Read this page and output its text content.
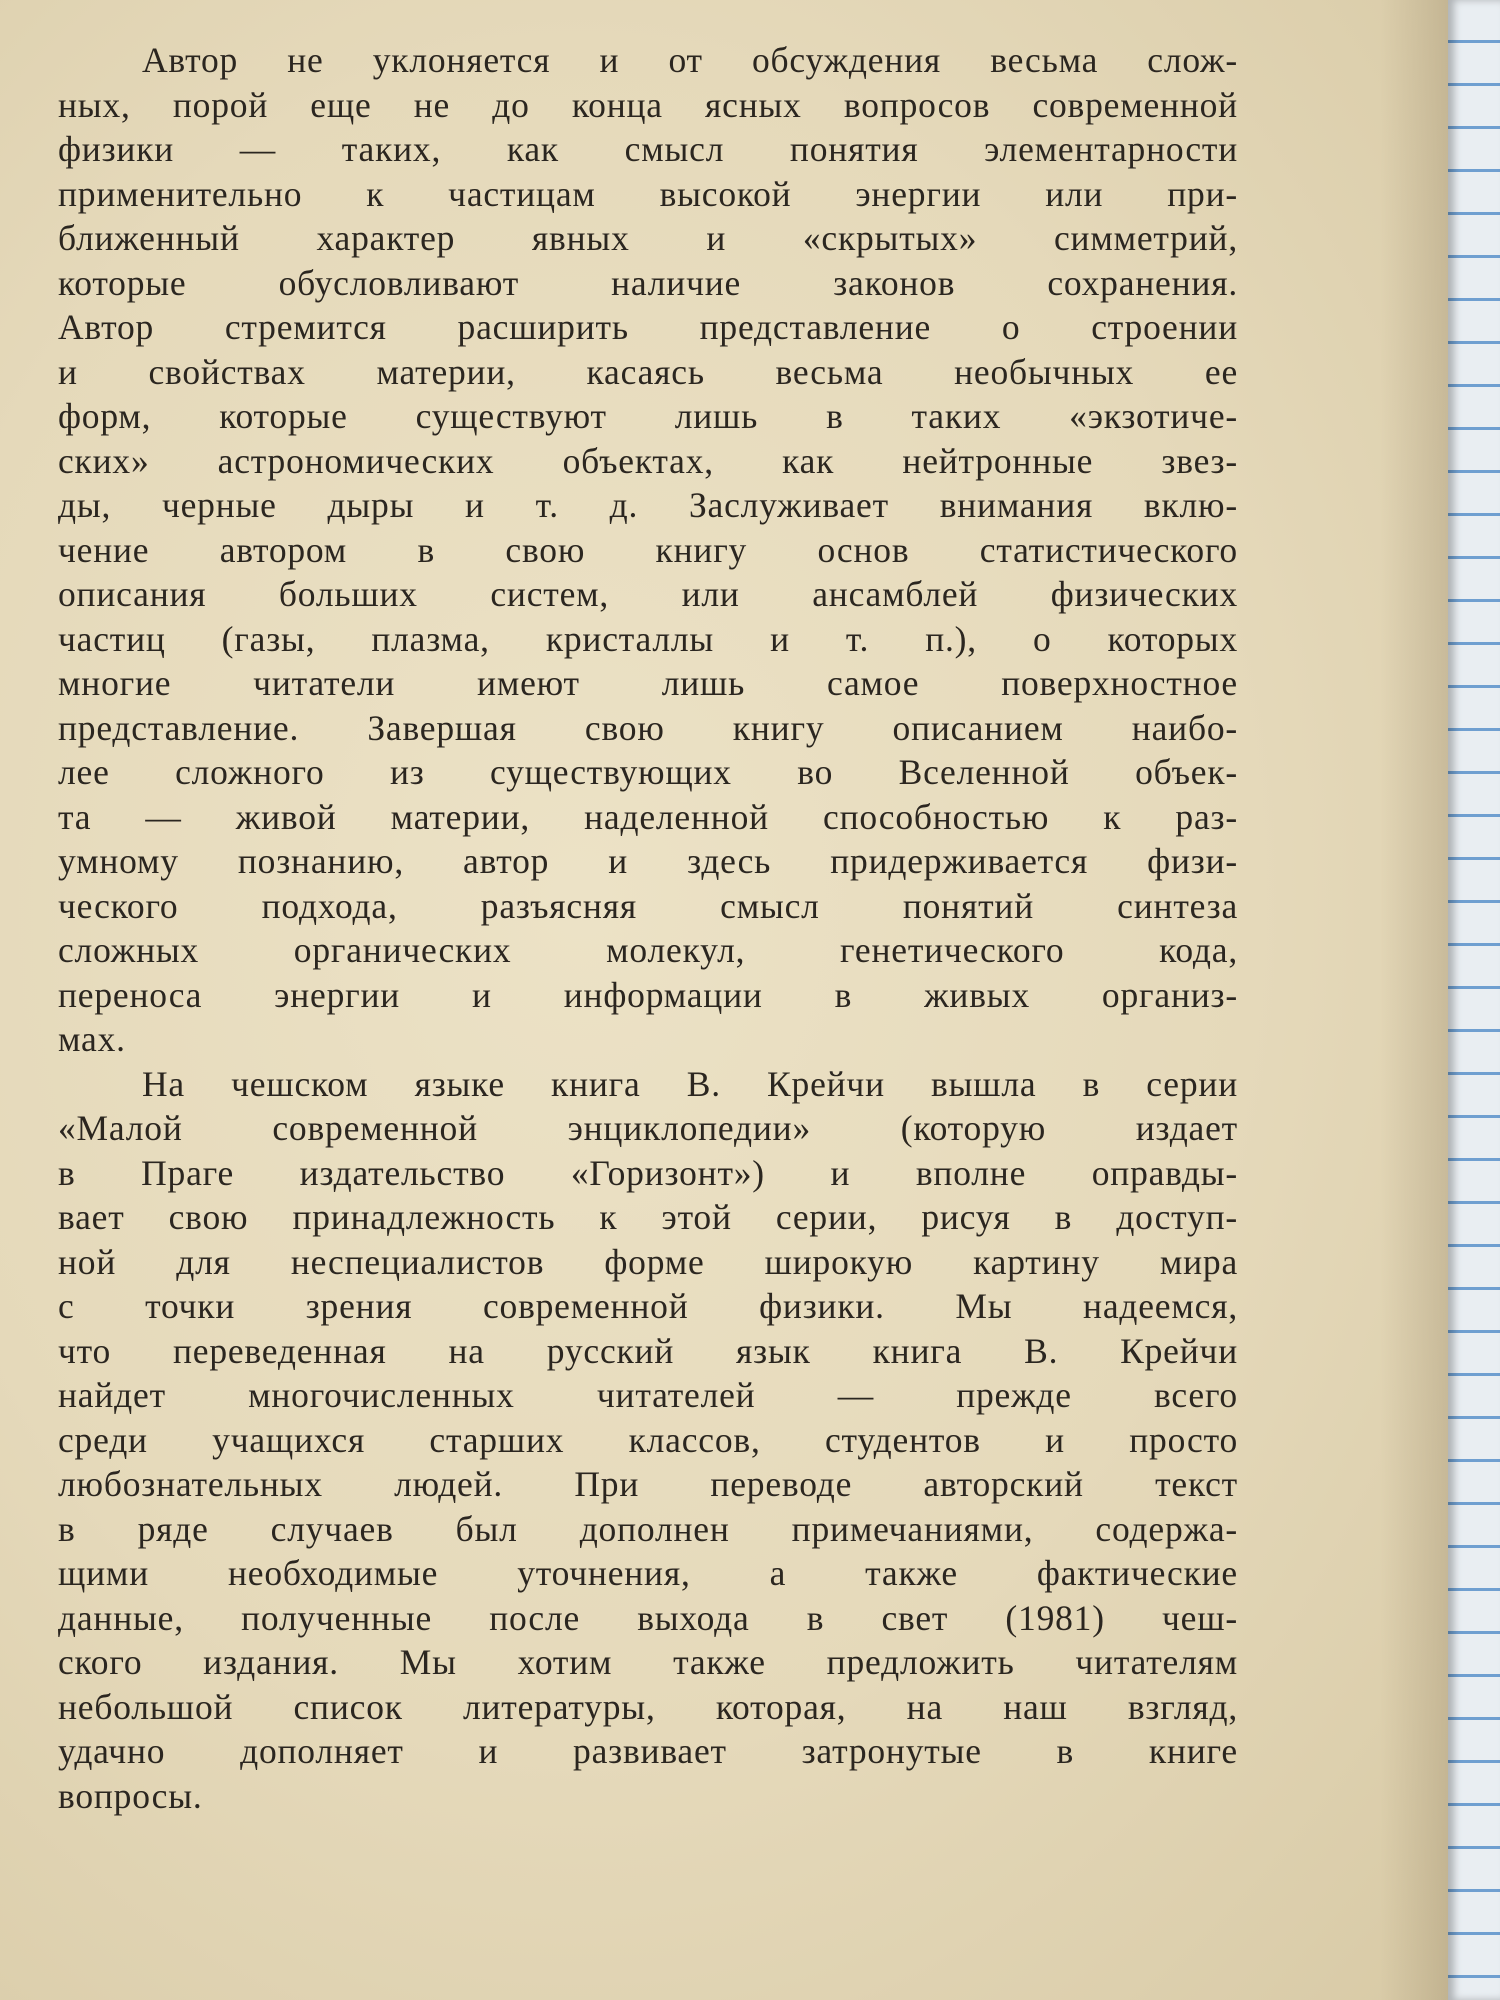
Автор не уклоняется и от обсуждения весьма слож-
ных, порой еще не до конца ясных вопросов современной
физики — таких, как смысл понятия элементарности
применительно к частицам высокой энергии или при-
ближенный характер явных и «скрытых» симметрий,
которые обусловливают наличие законов сохранения.
Автор стремится расширить представление о строении
и свойствах материи, касаясь весьма необычных ее
форм, которые существуют лишь в таких «экзотиче-
ских» астрономических объектах, как нейтронные звез-
ды, черные дыры и т. д. Заслуживает внимания вклю-
чение автором в свою книгу основ статистического
описания больших систем, или ансамблей физических
частиц (газы, плазма, кристаллы и т. п.), о которых
многие читатели имеют лишь самое поверхностное
представление. Завершая свою книгу описанием наибо-
лее сложного из существующих во Вселенной объек-
та — живой материи, наделенной способностью к раз-
умному познанию, автор и здесь придерживается физи-
ческого подхода, разъясняя смысл понятий синтеза
сложных органических молекул, генетического кода,
переноса энергии и информации в живых организ-
мах.

На чешском языке книга В. Крейчи вышла в серии
«Малой современной энциклопедии» (которую издает
в Праге издательство «Горизонт») и вполне оправды-
вает свою принадлежность к этой серии, рисуя в доступ-
ной для неспециалистов форме широкую картину мира
с точки зрения современной физики. Мы надеемся,
что переведенная на русский язык книга В. Крейчи
найдет многочисленных читателей — прежде всего
среди учащихся старших классов, студентов и просто
любознательных людей. При переводе авторский текст
в ряде случаев был дополнен примечаниями, содержа-
щими необходимые уточнения, а также фактические
данные, полученные после выхода в свет (1981) чеш-
ского издания. Мы хотим также предложить читателям
небольшой список литературы, которая, на наш взгляд,
удачно дополняет и развивает затронутые в книге
вопросы.
